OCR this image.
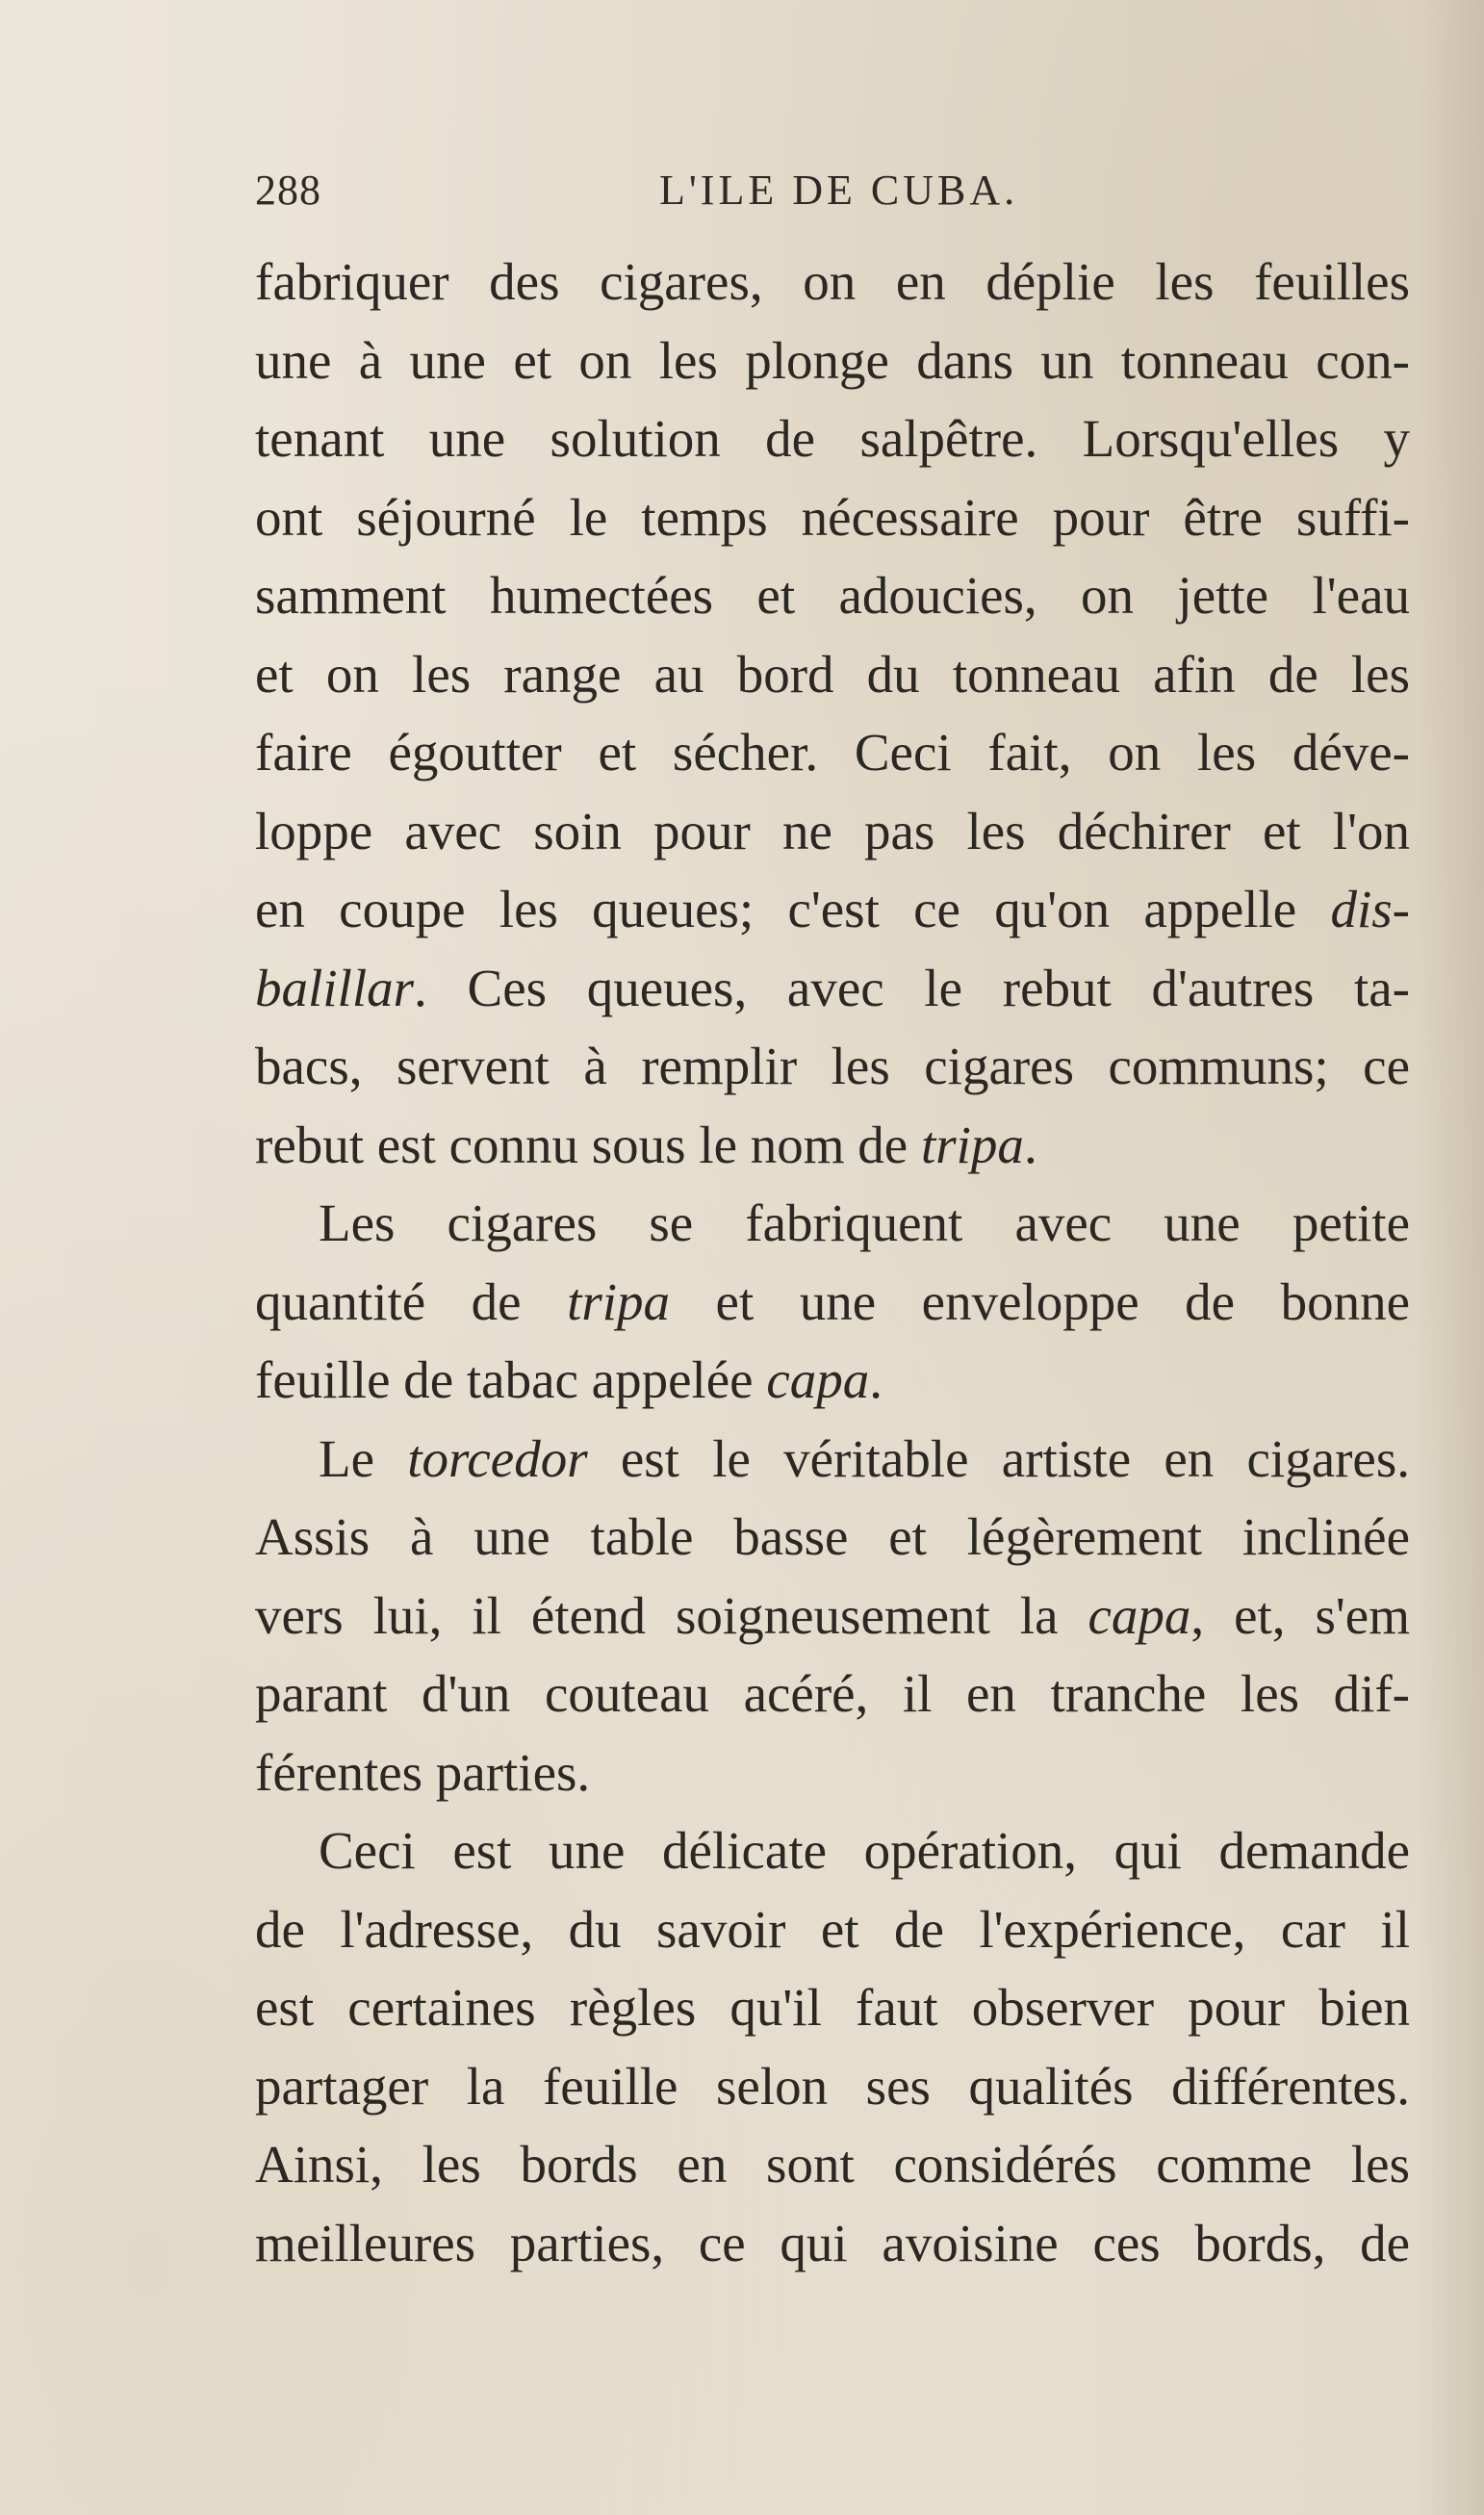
288	L'ILE DE CUBA.
fabriquer des cigares, on en déplie les feuilles
une à une et on les plonge dans un tonneau con-
tenant une solution de salpêtre. Lorsqu'elles y
ont séjourné le temps nécessaire pour être suffi-
samment humectées et adoucies, on jette l'eau
et on les range au bord du tonneau afin de les
faire égoutter et sécher. Ceci fait, on les déve-
loppe avec soin pour ne pas les déchirer et l'on
en coupe les queues; c'est ce qu'on appelle dis-
balillar. Ces queues, avec le rebut d'autres ta-
bacs, servent à remplir les cigares communs; ce
rebut est connu sous le nom de tripa.
Les cigares se fabriquent avec une petite
quantité de tripa et une enveloppe de bonne
feuille de tabac appelée capa.
Le torcedor est le véritable artiste en cigares.
Assis à une table basse et légèrement inclinée
vers lui, il étend soigneusement la capa, et, s'em
parant d'un couteau acéré, il en tranche les dif-
férentes parties.
Ceci est une délicate opération, qui demande
de l'adresse, du savoir et de l'expérience, car il
est certaines règles qu'il faut observer pour bien
partager la feuille selon ses qualités différentes.
Ainsi, les bords en sont considérés comme les
meilleures parties, ce qui avoisine ces bords, de
